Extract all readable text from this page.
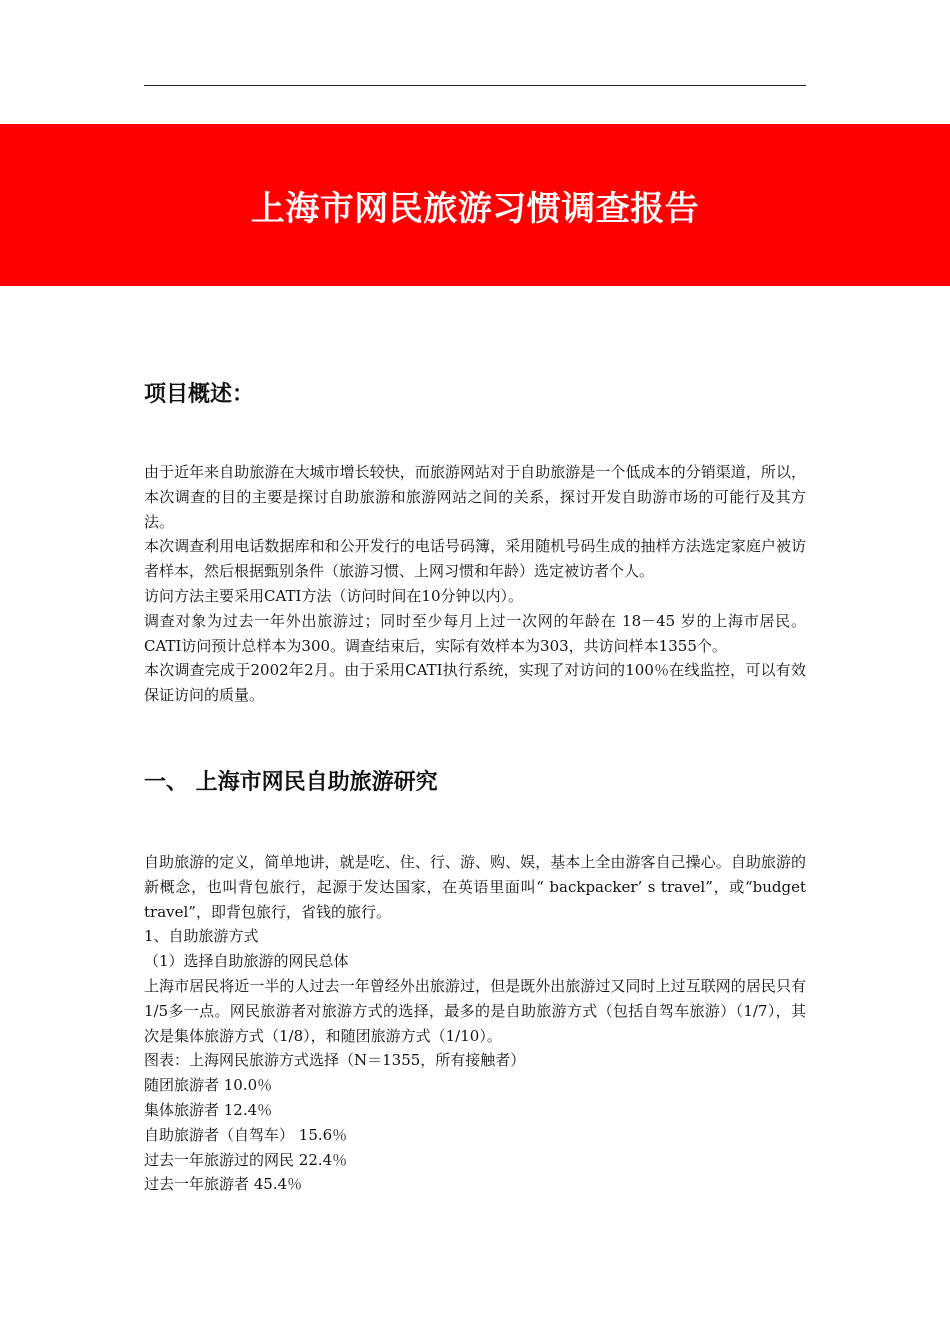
上海市网民旅游习惯调查报告
项目概述：

由于近年来自助旅游在大城市增长较快，而旅游网站对于自助旅游是一个低成本的分销渠道，所以，本次调查的目的主要是探讨自助旅游和旅游网站之间的关系，探讨开发自助游市场的可能行及其方法。

本次调查利用电话数据库和和公开发行的电话号码簿，采用随机号码生成的抽样方法选定家庭户被访者样本，然后根据甄别条件（旅游习惯、上网习惯和年龄）选定被访者个人。

访问方法主要采用CATI方法（访问时间在10分钟以内）。

调查对象为过去一年外出旅游过；同时至少每月上过一次网的年龄在 18－45 岁的上海市居民。CATI访问预计总样本为300。调查结束后，实际有效样本为303，共访问样本1355个。

本次调查完成于2002年2月。由于采用CATI执行系统，实现了对访问的100％在线监控，可以有效保证访问的质量。

一、 上海市网民自助旅游研究

自助旅游的定义，简单地讲，就是吃、住、行、游、购、娱，基本上全由游客自己操心。自助旅游的新概念，也叫背包旅行，起源于发达国家，在英语里面叫“ backpacker’ s travel”，或“budget travel”，即背包旅行，省钱的旅行。

1、自助旅游方式

（1）选择自助旅游的网民总体

上海市居民将近一半的人过去一年曾经外出旅游过，但是既外出旅游过又同时上过互联网的居民只有1/5多一点。网民旅游者对旅游方式的选择，最多的是自助旅游方式（包括自驾车旅游）（1/7），其次是集体旅游方式（1/8），和随团旅游方式（1/10）。

图表：上海网民旅游方式选择（N＝1355，所有接触者）

随团旅游者 10.0％

集体旅游者 12.4％

自助旅游者（自驾车） 15.6％

过去一年旅游过的网民 22.4％

过去一年旅游者 45.4％
